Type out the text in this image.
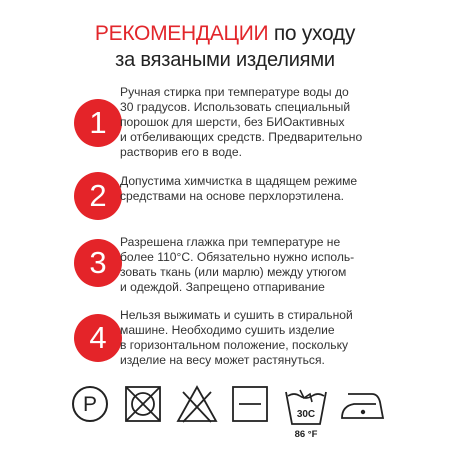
РЕКОМЕНДАЦИИ по уходу
за вязаными изделиями
1
Ручная стирка при температуре воды до
30 градусов. Использовать специальный
порошок для шерсти, без БИОактивных
и отбеливающих средств. Предварительно
растворив его в воде.
2	Допустима химчистка в щадящем режиме
средствами на основе перхлорэтилена.
3
Разрешена глажка при температуре не
более 110°С. Обязательно нужно исполь-
зовать ткань (или марлю) между утюгом
и одеждой. Запрещено отпаривание
4
Нельзя выжимать и сушить в стиральной
машине. Необходимо сушить изделие
в горизонтальном положение, поскольку
изделие на весу может растянуться.
P	30С
86 °F
